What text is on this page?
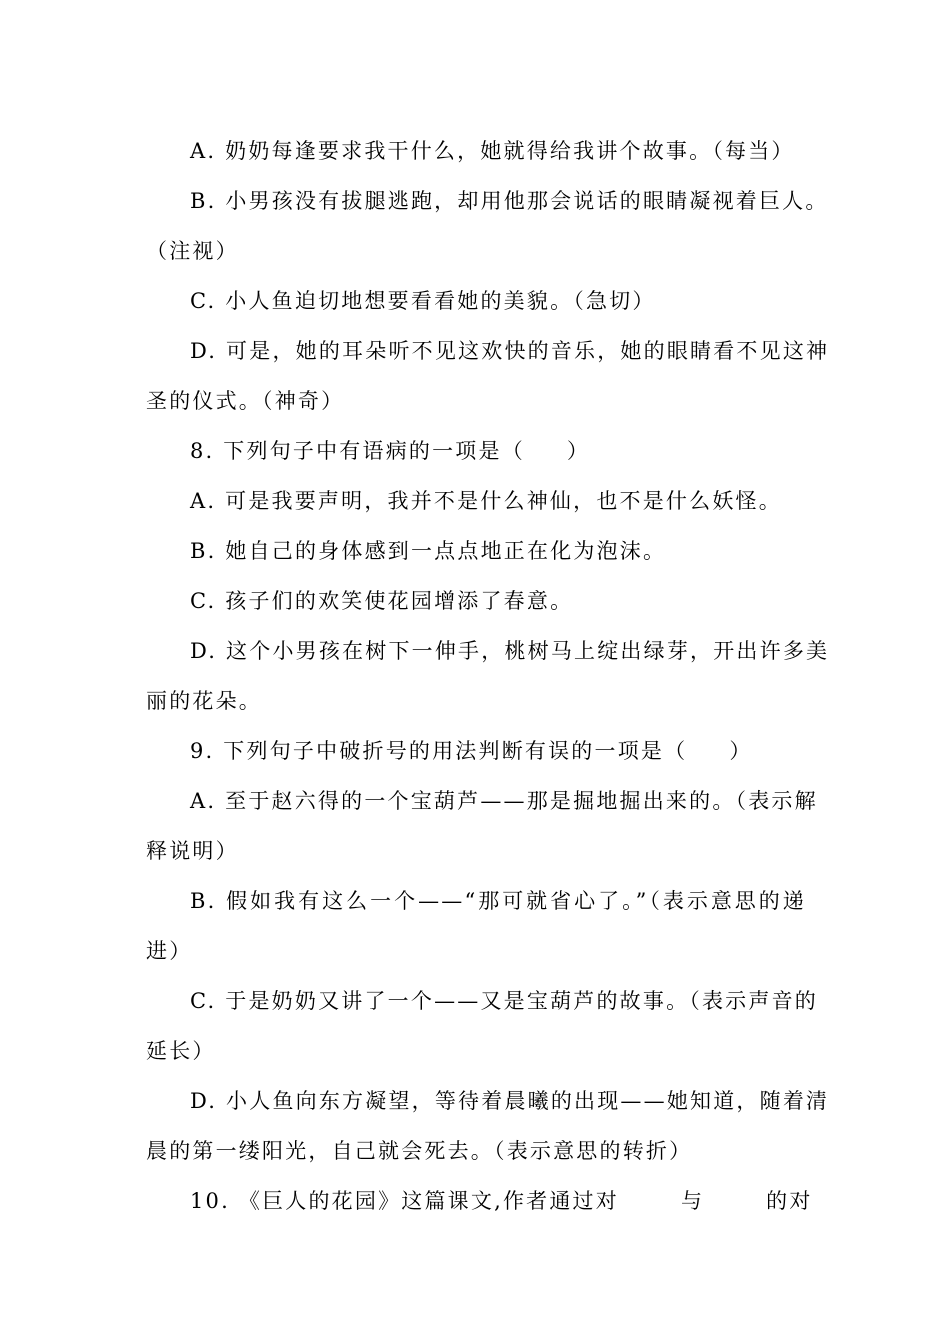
A. 奶奶每逢要求我干什么，她就得给我讲个故事。（每当）
B. 小男孩没有拔腿逃跑，却用他那会说话的眼睛凝视着巨人。
（注视）
C. 小人鱼迫切地想要看看她的美貌。（急切）
D. 可是，她的耳朵听不见这欢快的音乐，她的眼睛看不见这神
圣的仪式。（神奇）
8. 下列句子中有语病的一项是（ ）
A. 可是我要声明，我并不是什么神仙，也不是什么妖怪。
B. 她自己的身体感到一点点地正在化为泡沫。
C. 孩子们的欢笑使花园增添了春意。
D. 这个小男孩在树下一伸手，桃树马上绽出绿芽，开出许多美
丽的花朵。
9. 下列句子中破折号的用法判断有误的一项是（ ）
A. 至于赵六得的一个宝葫芦——那是掘地掘出来的。（表示解
释说明）
B. 假如我有这么一个——“那可就省心了。”（表示意思的递
进）
C. 于是奶奶又讲了一个——又是宝葫芦的故事。（表示声音的
延长）
D. 小人鱼向东方凝望，等待着晨曦的出现——她知道，随着清
晨的第一缕阳光，自己就会死去。（表示意思的转折）
10. 《巨人的花园》这篇课文,作者通过对	与	的对
